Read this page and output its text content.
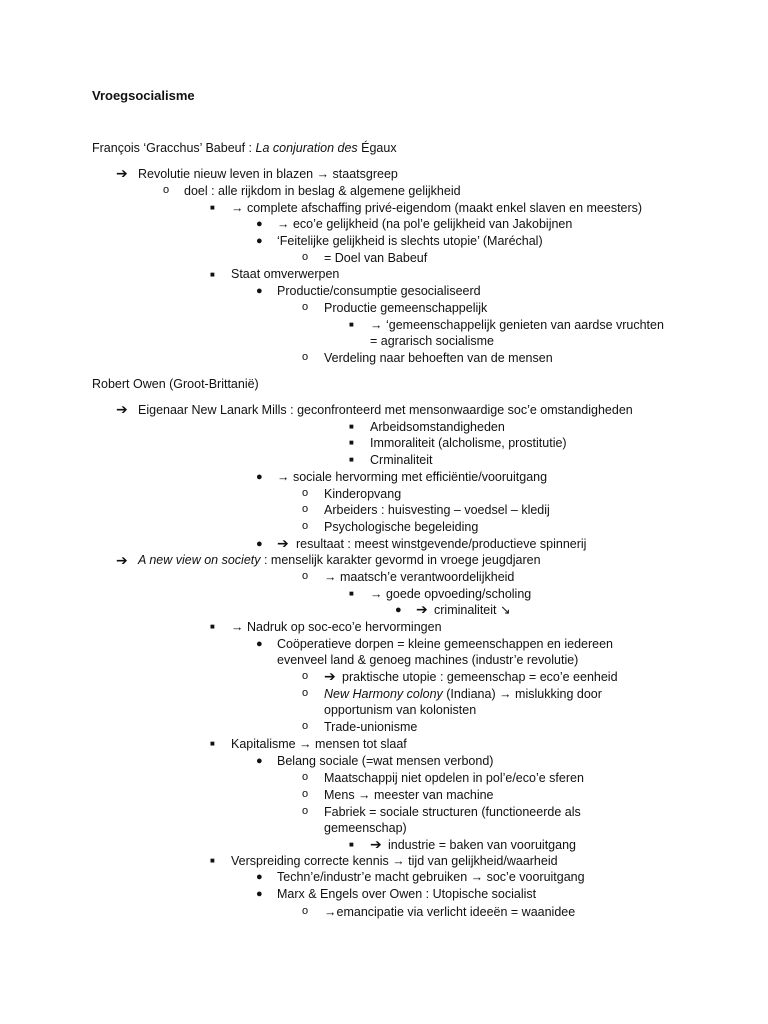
Vroegsocialisme
François ‘Gracchus’ Babeuf : La conjuration des Égaux
➔ Revolutie nieuw leven in blazen → staatsgreep
o doel : alle rijkdom in beslag & algemene gelijkheid
■ → complete afschaffing privé-eigendom (maakt enkel slaven en meesters)
● → eco’e gelijkheid (na pol’e gelijkheid van Jakobijnen
● ‘Feitelijke gelijkheid is slechts utopie’ (Maréchal)
o = Doel van Babeuf
■ Staat omverwerpen
● Productie/consumptie gesocialiseerd
o Productie gemeenschappelijk
■ → ‘gemeenschappelijk genieten van aardse vruchten
= agrarisch socialisme
o Verdeling naar behoeften van de mensen
Robert Owen (Groot-Brittanië)
➔ Eigenaar New Lanark Mills : geconfronteerd met mensonwaardige soc’e omstandigheden
■ Arbeidsomstandigheden
■ Immoraliteit (alcholisme, prostitutie)
■ Crminaliteit
● → sociale hervorming met efficiëntie/vooruitgang
o Kinderopvang
o Arbeiders : huisvesting – voedsel – kledij
o Psychologische begeleiding
● ➔ resultaat : meest winstgevende/productieve spinnerij
➔ A new view on society : menselijk karakter gevormd in vroege jeugdjaren
o → maatsch’e verantwoordelijkheid
■ → goede opvoeding/scholing
● ➔ criminaliteit ↘
■ → Nadruk op soc-eco’e hervormingen
● Coöperatieve dorpen = kleine gemeenschappen en iedereen
evenveel land & genoeg machines (industr’e revolutie)
o ➔ praktische utopie : gemeenschap = eco’e eenheid
o New Harmony colony (Indiana) → mislukking door
opportunism van kolonisten
o Trade-unionisme
■ Kapitalisme → mensen tot slaaf
● Belang sociale (=wat mensen verbond)
o Maatschappij niet opdelen in pol’e/eco’e sferen
o Mens → meester van machine
o Fabriek = sociale structuren (functioneerde als
gemeenschap)
■ ➔ industrie = baken van vooruitgang
■ Verspreiding correcte kennis → tijd van gelijkheid/waarheid
● Techn’e/industr’e macht gebruiken → soc’e vooruitgang
● Marx & Engels over Owen : Utopische socialist
o →emancipatie via verlicht ideeën = waanidee
